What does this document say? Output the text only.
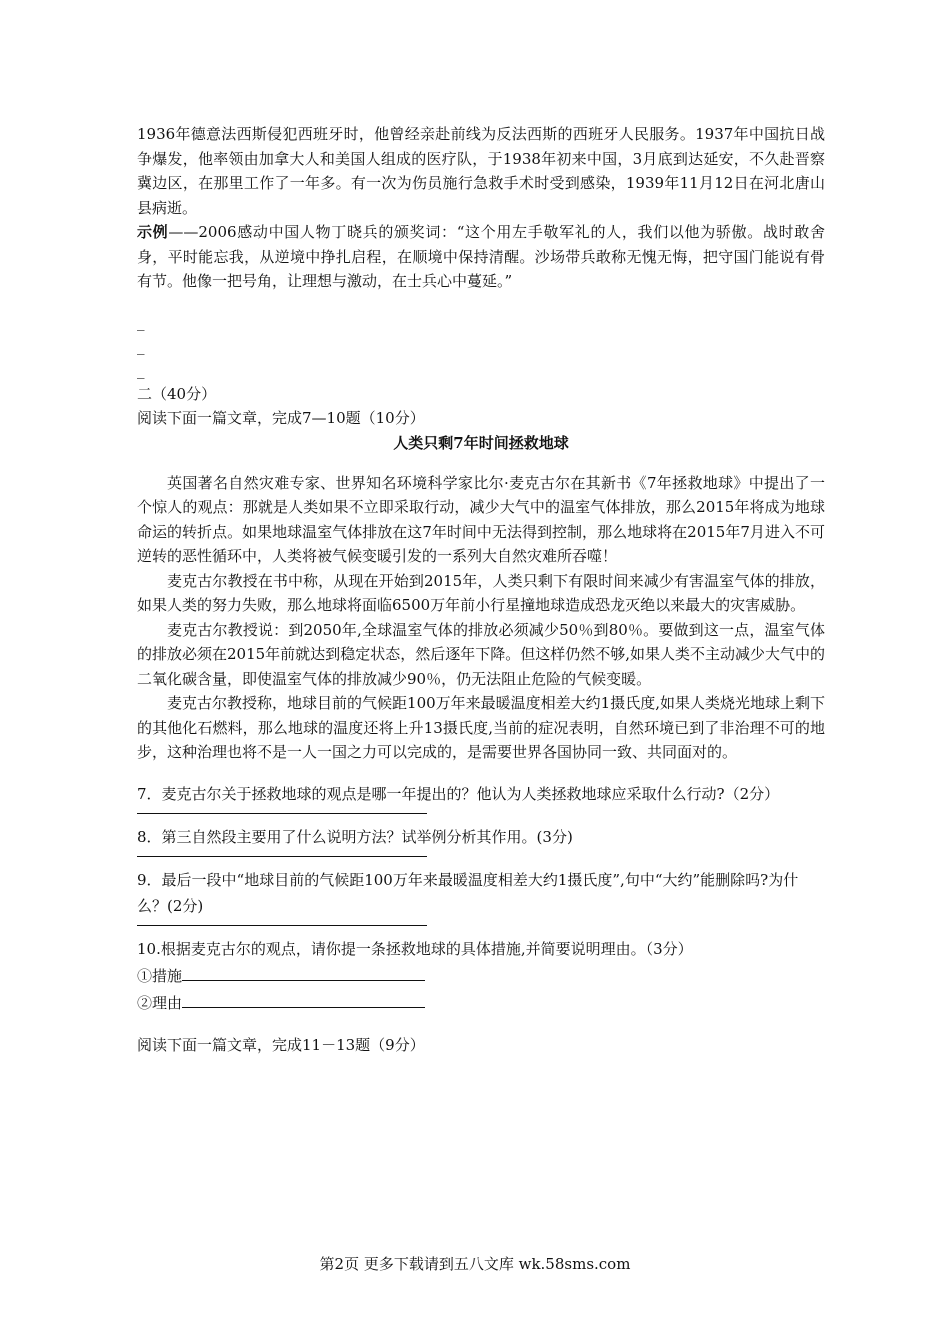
1936年德意法西斯侵犯西班牙时，他曾经亲赴前线为反法西斯的西班牙人民服务。1937年中国抗日战争爆发，他率领由加拿大人和美国人组成的医疗队，于1938年初来中国，3月底到达延安，不久赴晋察冀边区，在那里工作了一年多。有一次为伤员施行急救手术时受到感染，1939年11月12日在河北唐山县病逝。

示例——2006感动中国人物丁晓兵的颁奖词：“这个用左手敬军礼的人，我们以他为骄傲。战时敢舍身，平时能忘我，从逆境中挣扎启程，在顺境中保持清醒。沙场带兵敢称无愧无悔，把守国门能说有骨有节。他像一把号角，让理想与激动，在士兵心中蔓延。”

_
_
_

二（40分）

阅读下面一篇文章，完成7—10题（10分）

人类只剩7年时间拯救地球

英国著名自然灾难专家、世界知名环境科学家比尔·麦克古尔在其新书《7年拯救地球》中提出了一个惊人的观点：那就是人类如果不立即采取行动，减少大气中的温室气体排放，那么2015年将成为地球命运的转折点。如果地球温室气体排放在这7年时间中无法得到控制，那么地球将在2015年7月进入不可逆转的恶性循环中，人类将被气候变暖引发的一系列大自然灾难所吞噬！

麦克古尔教授在书中称，从现在开始到2015年，人类只剩下有限时间来减少有害温室气体的排放，如果人类的努力失败，那么地球将面临6500万年前小行星撞地球造成恐龙灭绝以来最大的灾害威胁。

麦克古尔教授说：到2050年,全球温室气体的排放必须减少50％到80％。要做到这一点，温室气体的排放必须在2015年前就达到稳定状态，然后逐年下降。但这样仍然不够,如果人类不主动减少大气中的二氧化碳含量，即使温室气体的排放减少90％，仍无法阻止危险的气候变暖。

麦克古尔教授称，地球目前的气候距100万年来最暖温度相差大约1摄氏度,如果人类烧光地球上剩下的其他化石燃料，那么地球的温度还将上升13摄氏度,当前的症况表明，自然环境已到了非治理不可的地步，这种治理也将不是一人一国之力可以完成的，是需要世界各国协同一致、共同面对的。

7．麦克古尔关于拯救地球的观点是哪一年提出的？他认为人类拯救地球应采取什么行动?（2分）

8．第三自然段主要用了什么说明方法？试举例分析其作用。(3分)

9．最后一段中“地球目前的气候距100万年来最暖温度相差大约1摄氏度”,句中“大约”能删除吗?为什么？(2分)

10.根据麦克古尔的观点，请你提一条拯救地球的具体措施,并简要说明理由。（3分）

①措施

②理由

阅读下面一篇文章，完成11－13题（9分）

第2页 更多下载请到五八文库 wk.58sms.com
